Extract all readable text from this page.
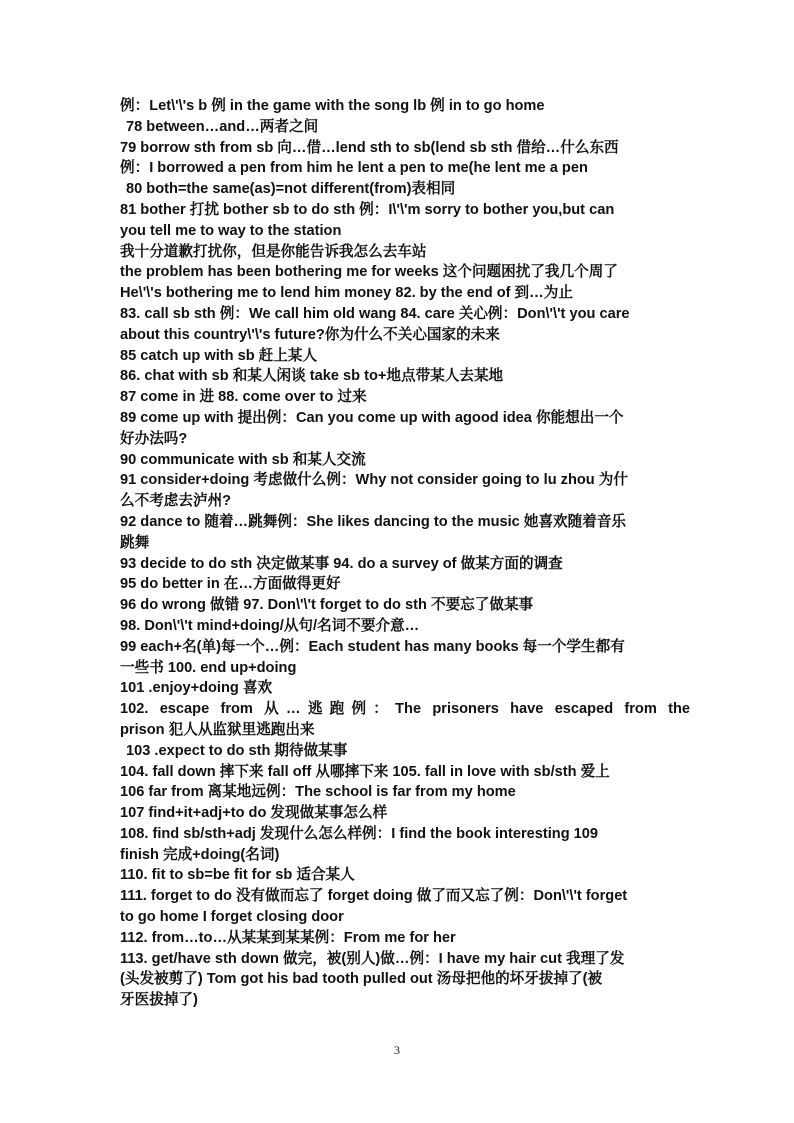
例：Let\'\'s b 例 in the game with the song lb 例 in to go home
78 between…and…两者之间
79 borrow sth from sb 向…借…lend sth to sb(lend sb sth 借给…什么东西
例：I borrowed a pen from him he lent a pen to me(he lent me a pen
80 both=the same(as)=not different(from)表相同
81 bother 打扰 bother sb to do sth 例：I\'\'m sorry to bother you,but can
you tell me to way to the station
我十分道歉打扰你，但是你能告诉我怎么去车站
the problem has been bothering me for weeks 这个问题困扰了我几个周了
He\'\'s bothering me to lend him money 82. by the end of 到…为止
83. call sb sth 例：We call him old wang 84. care 关心例：Don\'\'t you care
about this country\'\'s future?你为什么不关心国家的未来
85 catch up with sb 赶上某人
86. chat with sb 和某人闲谈 take sb to+地点带某人去某地
87 come in 进 88. come over to 过来
89 come up with 提出例：Can you come up with agood idea 你能想出一个
好办法吗?
90 communicate with sb 和某人交流
91 consider+doing 考虑做什么例：Why not consider going to lu zhou 为什
么不考虑去泸州?
92 dance to 随着…跳舞例：She likes dancing to the music 她喜欢随着音乐
跳舞
93 decide to do sth 决定做某事 94. do a survey of 做某方面的调查
95 do better in 在…方面做得更好
96 do wrong 做错 97. Don\'\'t forget to do sth 不要忘了做某事
98. Don\'\'t mind+doing/从句/名词不要介意…
99 each+名(单)每一个…例：Each student has many books 每一个学生都有
一些书 100. end up+doing
101 .enjoy+doing 喜欢
102. escape from 从…逃跑例：The prisoners have escaped from the
prison 犯人从监狱里逃跑出来
103 .expect to do sth 期待做某事
104. fall down 摔下来 fall off 从哪摔下来 105. fall in love with sb/sth 爱上
106 far from 离某地远例：The school is far from my home
107 find+it+adj+to do 发现做某事怎么样
108. find sb/sth+adj 发现什么怎么样例：I find the book interesting 109
finish 完成+doing(名词)
110. fit to sb=be fit for sb 适合某人
111. forget to do 没有做而忘了 forget doing 做了而又忘了例：Don\'\'t forget
to go home I forget closing door
112. from…to…从某某到某某例：From me for her
113. get/have sth down 做完，被(别人)做…例：I have my hair cut 我理了发
(头发被剪了) Tom got his bad tooth pulled out 汤母把他的坏牙拔掉了(被
牙医拔掉了)
3
